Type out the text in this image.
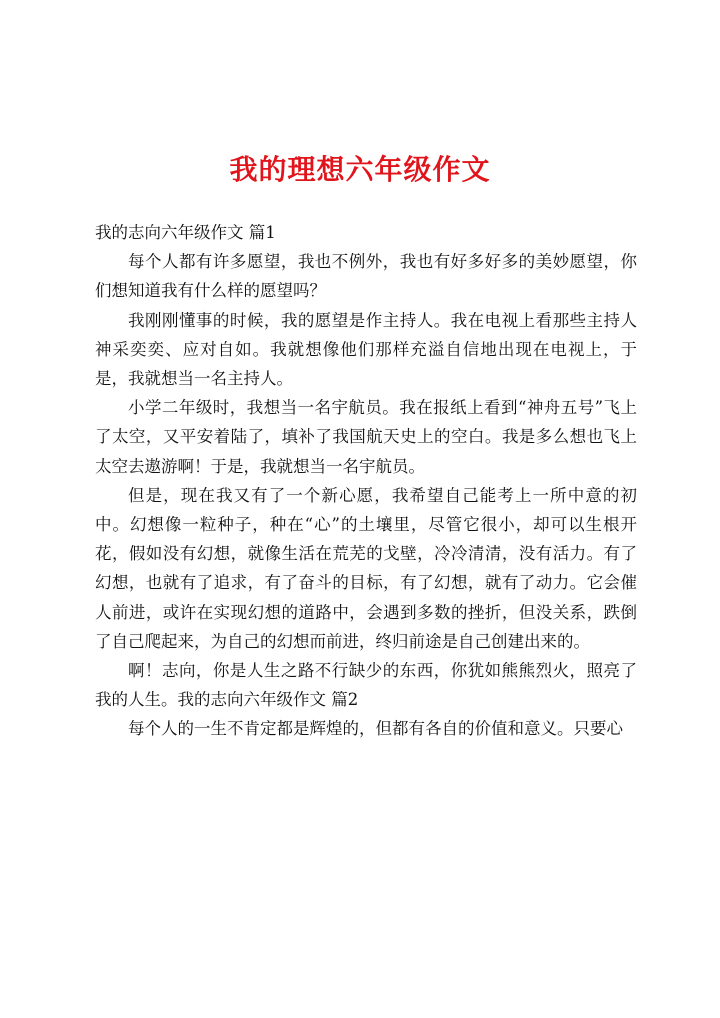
我的理想六年级作文

我的志向六年级作文 篇1

每个人都有许多愿望，我也不例外，我也有好多好多的美妙愿望，你们想知道我有什么样的愿望吗？

我刚刚懂事的时候，我的愿望是作主持人。我在电视上看那些主持人神采奕奕、应对自如。我就想像他们那样充溢自信地出现在电视上，于是，我就想当一名主持人。

小学二年级时，我想当一名宇航员。我在报纸上看到“神舟五号”飞上了太空，又平安着陆了，填补了我国航天史上的空白。我是多么想也飞上太空去遨游啊！于是，我就想当一名宇航员。

但是，现在我又有了一个新心愿，我希望自己能考上一所中意的初中。幻想像一粒种子，种在“心”的土壤里，尽管它很小，却可以生根开花，假如没有幻想，就像生活在荒芜的戈壁，冷冷清清，没有活力。有了幻想，也就有了追求，有了奋斗的目标，有了幻想，就有了动力。它会催人前进，或许在实现幻想的道路中，会遇到多数的挫折，但没关系，跌倒了自己爬起来，为自己的幻想而前进，终归前途是自己创建出来的。

啊！志向，你是人生之路不行缺少的东西，你犹如熊熊烈火，照亮了我的人生。我的志向六年级作文 篇2

每个人的一生不肯定都是辉煌的，但都有各自的价值和意义。只要心
